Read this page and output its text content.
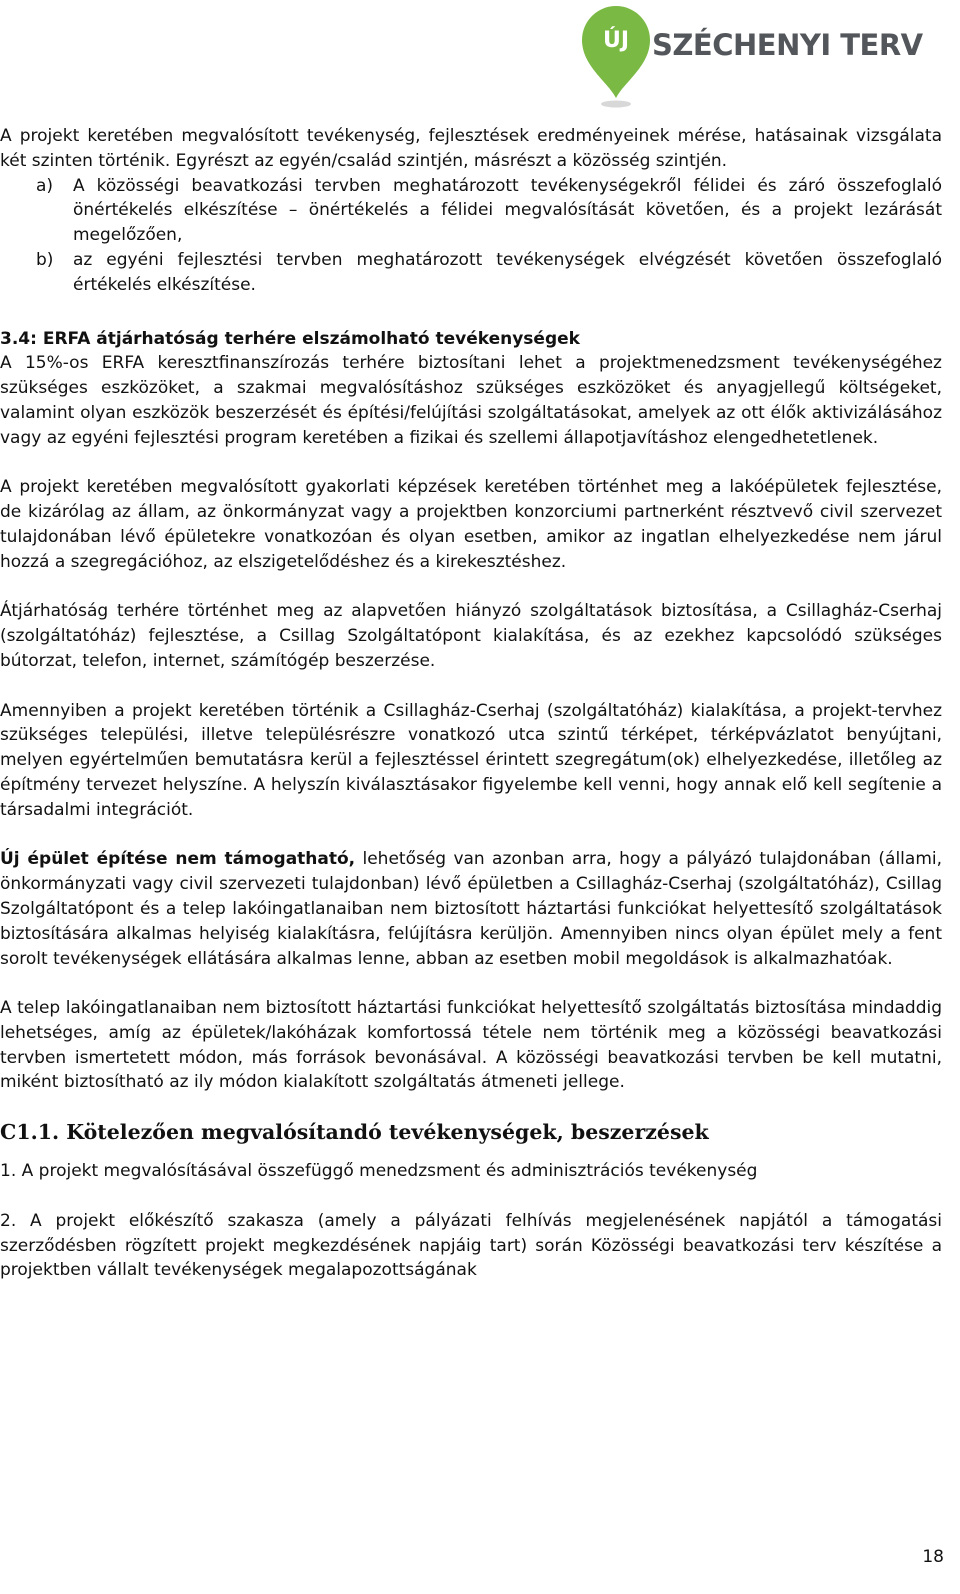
ÚJ SZÉCHENYI TERV

A projekt keretében megvalósított tevékenység, fejlesztések eredményeinek mérése, hatásainak vizsgálata két szinten történik. Egyrészt az egyén/család szintjén, másrészt a közösség szintjén.

a) A közösségi beavatkozási tervben meghatározott tevékenységekről félidei és záró összefoglaló önértékelés elkészítése – önértékelés a félidei megvalósítását követően, és a projekt lezárását megelőzően,
b) az egyéni fejlesztési tervben meghatározott tevékenységek elvégzését követően összefoglaló értékelés elkészítése.
3.4: ERFA átjárhatóság terhére elszámolható tevékenységek

A 15%-os ERFA keresztfinanszírozás terhére biztosítani lehet a projektmenedzsment tevékenységéhez szükséges eszközöket, a szakmai megvalósításhoz szükséges eszközöket és anyagjellegű költségeket, valamint olyan eszközök beszerzését és építési/felújítási szolgáltatásokat, amelyek az ott élők aktivizálásához vagy az egyéni fejlesztési program keretében a fizikai és szellemi állapotjavításhoz elengedhetetlenek.

A projekt keretében megvalósított gyakorlati képzések keretében történhet meg a lakóépületek fejlesztése, de kizárólag az állam, az önkormányzat vagy a projektben konzorciumi partnerként résztvevő civil szervezet tulajdonában lévő épületekre vonatkozóan és olyan esetben, amikor az ingatlan elhelyezkedése nem járul hozzá a szegregációhoz, az elszigetelődéshez és a kirekesztéshez.

Átjárhatóság terhére történhet meg az alapvetően hiányzó szolgáltatások biztosítása, a Csillagház-Cserhaj (szolgáltatóház) fejlesztése, a Csillag Szolgáltatópont kialakítása, és az ezekhez kapcsolódó szükséges bútorzat, telefon, internet, számítógép beszerzése.

Amennyiben a projekt keretében történik a Csillagház-Cserhaj (szolgáltatóház) kialakítása, a projekt-tervhez szükséges települési, illetve településrészre vonatkozó utca szintű térképet, térképvázlatot benyújtani, melyen egyértelműen bemutatásra kerül a fejlesztéssel érintett szegregátum(ok) elhelyezkedése, illetőleg az építmény tervezet helyszíne. A helyszín kiválasztásakor figyelembe kell venni, hogy annak elő kell segítenie a társadalmi integrációt.

Új épület építése nem támogatható, lehetőség van azonban arra, hogy a pályázó tulajdonában (állami, önkormányzati vagy civil szervezeti tulajdonban) lévő épületben a Csillagház-Cserhaj (szolgáltatóház), Csillag Szolgáltatópont és a telep lakóingatlanaiban nem biztosított háztartási funkciókat helyettesítő szolgáltatások biztosítására alkalmas helyiség kialakításra, felújításra kerüljön. Amennyiben nincs olyan épület mely a fent sorolt tevékenységek ellátására alkalmas lenne, abban az esetben mobil megoldások is alkalmazhatóak.

A telep lakóingatlanaiban nem biztosított háztartási funkciókat helyettesítő szolgáltatás biztosítása mindaddig lehetséges, amíg az épületek/lakóházak komfortossá tétele nem történik meg a közösségi beavatkozási tervben ismertetett módon, más források bevonásával. A közösségi beavatkozási tervben be kell mutatni, miként biztosítható az ily módon kialakított szolgáltatás átmeneti jellege.

C1.1. Kötelezően megvalósítandó tevékenységek, beszerzések

1. A projekt megvalósításával összefüggő menedzsment és adminisztrációs tevékenység

2. A projekt előkészítő szakasza (amely a pályázati felhívás megjelenésének napjától a támogatási szerződésben rögzített projekt megkezdésének napjáig tart) során Közösségi beavatkozási terv készítése a projektben vállalt tevékenységek megalapozottságának

18
